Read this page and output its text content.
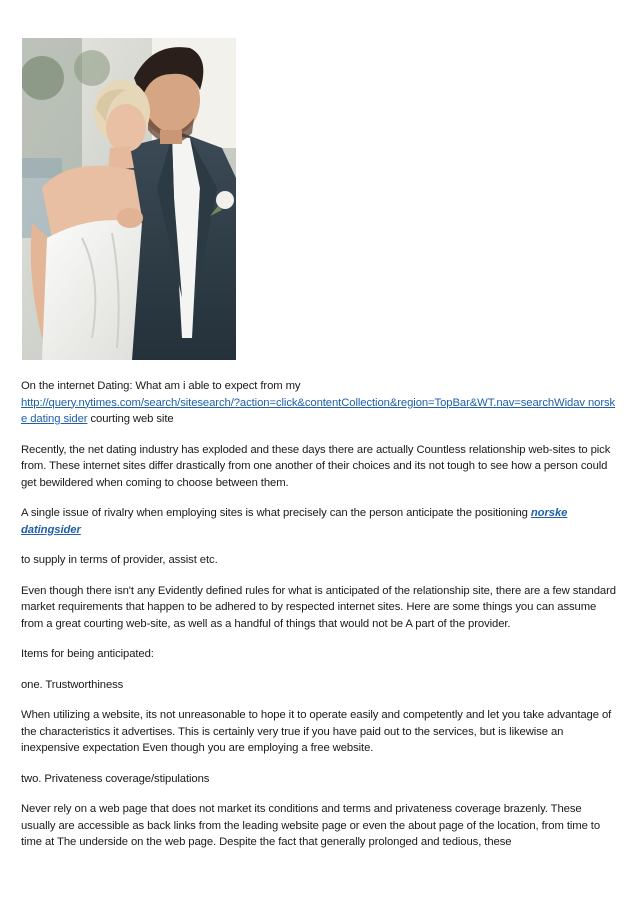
On the internet Dating: What am i able to expect from my
http://query.nytimes.com/search/sitesearch/?action=click&contentCollection&region=TopBar&WT.nav=searchWidav norske dating sider courting web site

Recently, the net dating industry has exploded and these days there are actually Countless relationship web-sites to pick from. These internet sites differ drastically from one another of their choices and its not tough to see how a person could get bewildered when coming to choose between them.

A single issue of rivalry when employing sites is what precisely can the person anticipate the positioning norske datingsider

to supply in terms of provider, assist etc.

Even though there isn't any Evidently defined rules for what is anticipated of the relationship site, there are a few standard market requirements that happen to be adhered to by respected internet sites. Here are some things you can assume from a great courting web-site, as well as a handful of things that would not be A part of the provider.

Items for being anticipated:

one. Trustworthiness

When utilizing a website, its not unreasonable to hope it to operate easily and competently and let you take advantage of the characteristics it advertises. This is certainly very true if you have paid out to the services, but is likewise an inexpensive expectation Even though you are employing a free website.

two. Privateness coverage/stipulations

Never rely on a web page that does not market its conditions and terms and privateness coverage brazenly. These usually are accessible as back links from the leading website page or even the about page of the location, from time to time at The underside on the web page. Despite the fact that generally prolonged and tedious, these
